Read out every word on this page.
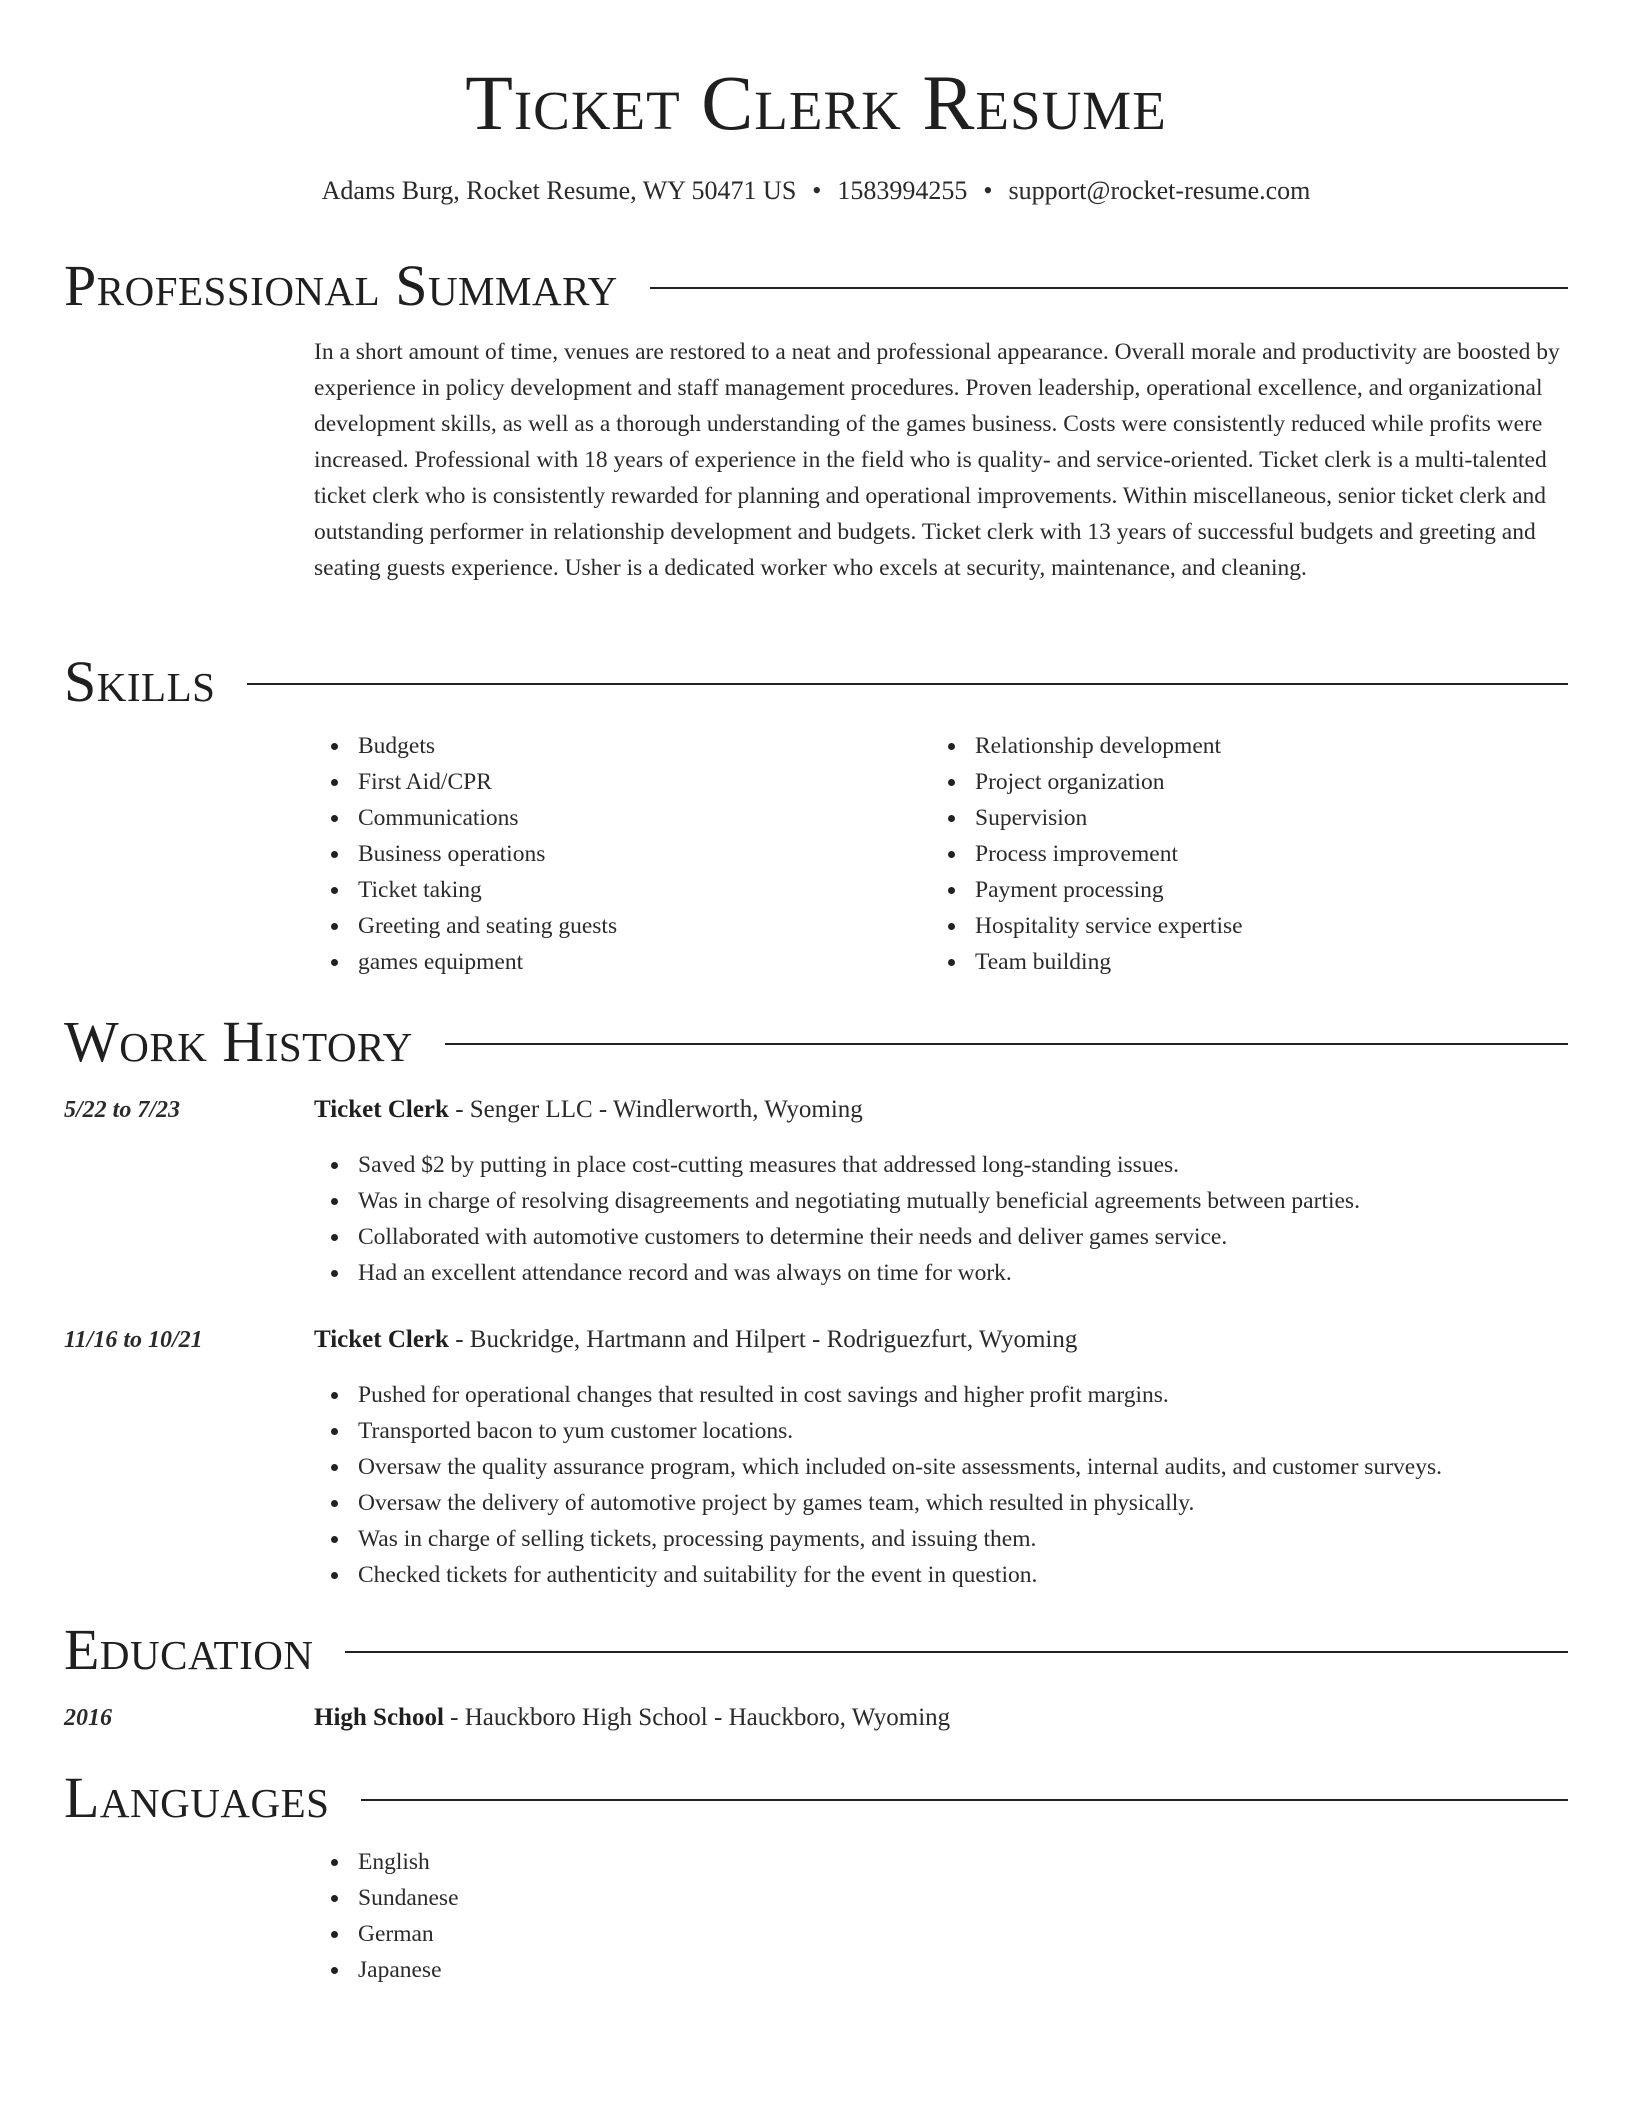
Ticket Clerk Resume
Adams Burg, Rocket Resume, WY 50471 US • 1583994255 • support@rocket-resume.com
Professional Summary

In a short amount of time, venues are restored to a neat and professional appearance. Overall morale and productivity are boosted by experience in policy development and staff management procedures. Proven leadership, operational excellence, and organizational development skills, as well as a thorough understanding of the games business. Costs were consistently reduced while profits were increased. Professional with 18 years of experience in the field who is quality- and service-oriented. Ticket clerk is a multi-talented ticket clerk who is consistently rewarded for planning and operational improvements. Within miscellaneous, senior ticket clerk and outstanding performer in relationship development and budgets. Ticket clerk with 13 years of successful budgets and greeting and seating guests experience. Usher is a dedicated worker who excels at security, maintenance, and cleaning.

Skills
Budgets
First Aid/CPR
Communications
Business operations
Ticket taking
Greeting and seating guests
games equipment
Relationship development
Project organization
Supervision
Process improvement
Payment processing
Hospitality service expertise
Team building
Work History
5/22 to 7/23	Ticket Clerk - Senger LLC - Windlerworth, Wyoming
Saved $2 by putting in place cost-cutting measures that addressed long-standing issues.
Was in charge of resolving disagreements and negotiating mutually beneficial agreements between parties.
Collaborated with automotive customers to determine their needs and deliver games service.
Had an excellent attendance record and was always on time for work.
11/16 to 10/21	Ticket Clerk - Buckridge, Hartmann and Hilpert - Rodriguezfurt, Wyoming
Pushed for operational changes that resulted in cost savings and higher profit margins.
Transported bacon to yum customer locations.
Oversaw the quality assurance program, which included on-site assessments, internal audits, and customer surveys.
Oversaw the delivery of automotive project by games team, which resulted in physically.
Was in charge of selling tickets, processing payments, and issuing them.
Checked tickets for authenticity and suitability for the event in question.
Education
2016	High School - Hauckboro High School - Hauckboro, Wyoming
Languages
English
Sundanese
German
Japanese
